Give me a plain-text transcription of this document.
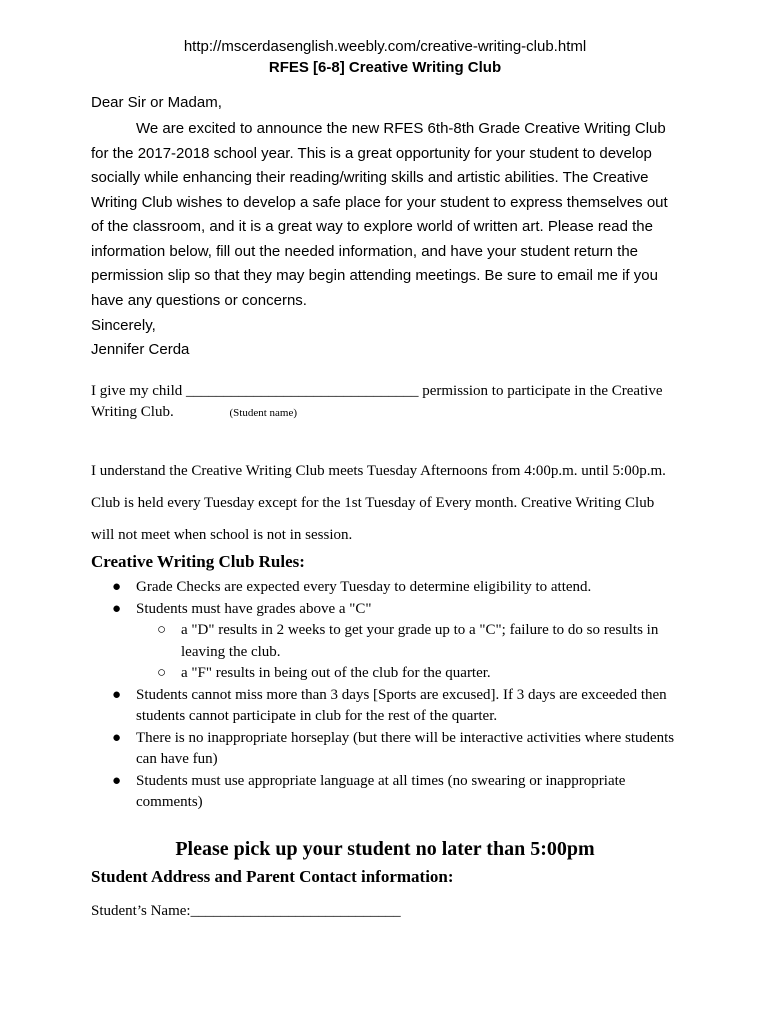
http://mscerdasenglish.weebly.com/creative-writing-club.html
RFES [6-8] Creative Writing Club

Dear Sir or Madam,

We are excited to announce the new RFES 6th-8th Grade Creative Writing Club for the 2017-2018 school year. This is a great opportunity for your student to develop socially while enhancing their reading/writing skills and artistic abilities. The Creative Writing Club wishes to develop a safe place for your student to express themselves out of the classroom, and it is a great way to explore world of written art. Please read the information below, fill out the needed information, and have your student return the permission slip so that they may begin attending meetings. Be sure to email me if you have any questions or concerns.

Sincerely,

Jennifer Cerda

I give my child _______________________________ permission to participate in the Creative Writing Club.	(Student name)

I understand the Creative Writing Club meets Tuesday Afternoons from 4:00p.m. until 5:00p.m.

Club is held every Tuesday except for the 1st Tuesday of Every month. Creative Writing Club

will not meet when school is not in session.

Creative Writing Club Rules:
● Grade Checks are expected every Tuesday to determine eligibility to attend.
● Students must have grades above a "C"
○ a "D" results in 2 weeks to get your grade up to a "C"; failure to do so results in leaving the club.
○ a "F" results in being out of the club for the quarter.
● Students cannot miss more than 3 days [Sports are excused]. If 3 days are exceeded then students cannot participate in club for the rest of the quarter.
● There is no inappropriate horseplay (but there will be interactive activities where students can have fun)
● Students must use appropriate language at all times (no swearing or inappropriate comments)
Please pick up your student no later than 5:00pm
Student Address and Parent Contact information:
Student’s Name:____________________________
